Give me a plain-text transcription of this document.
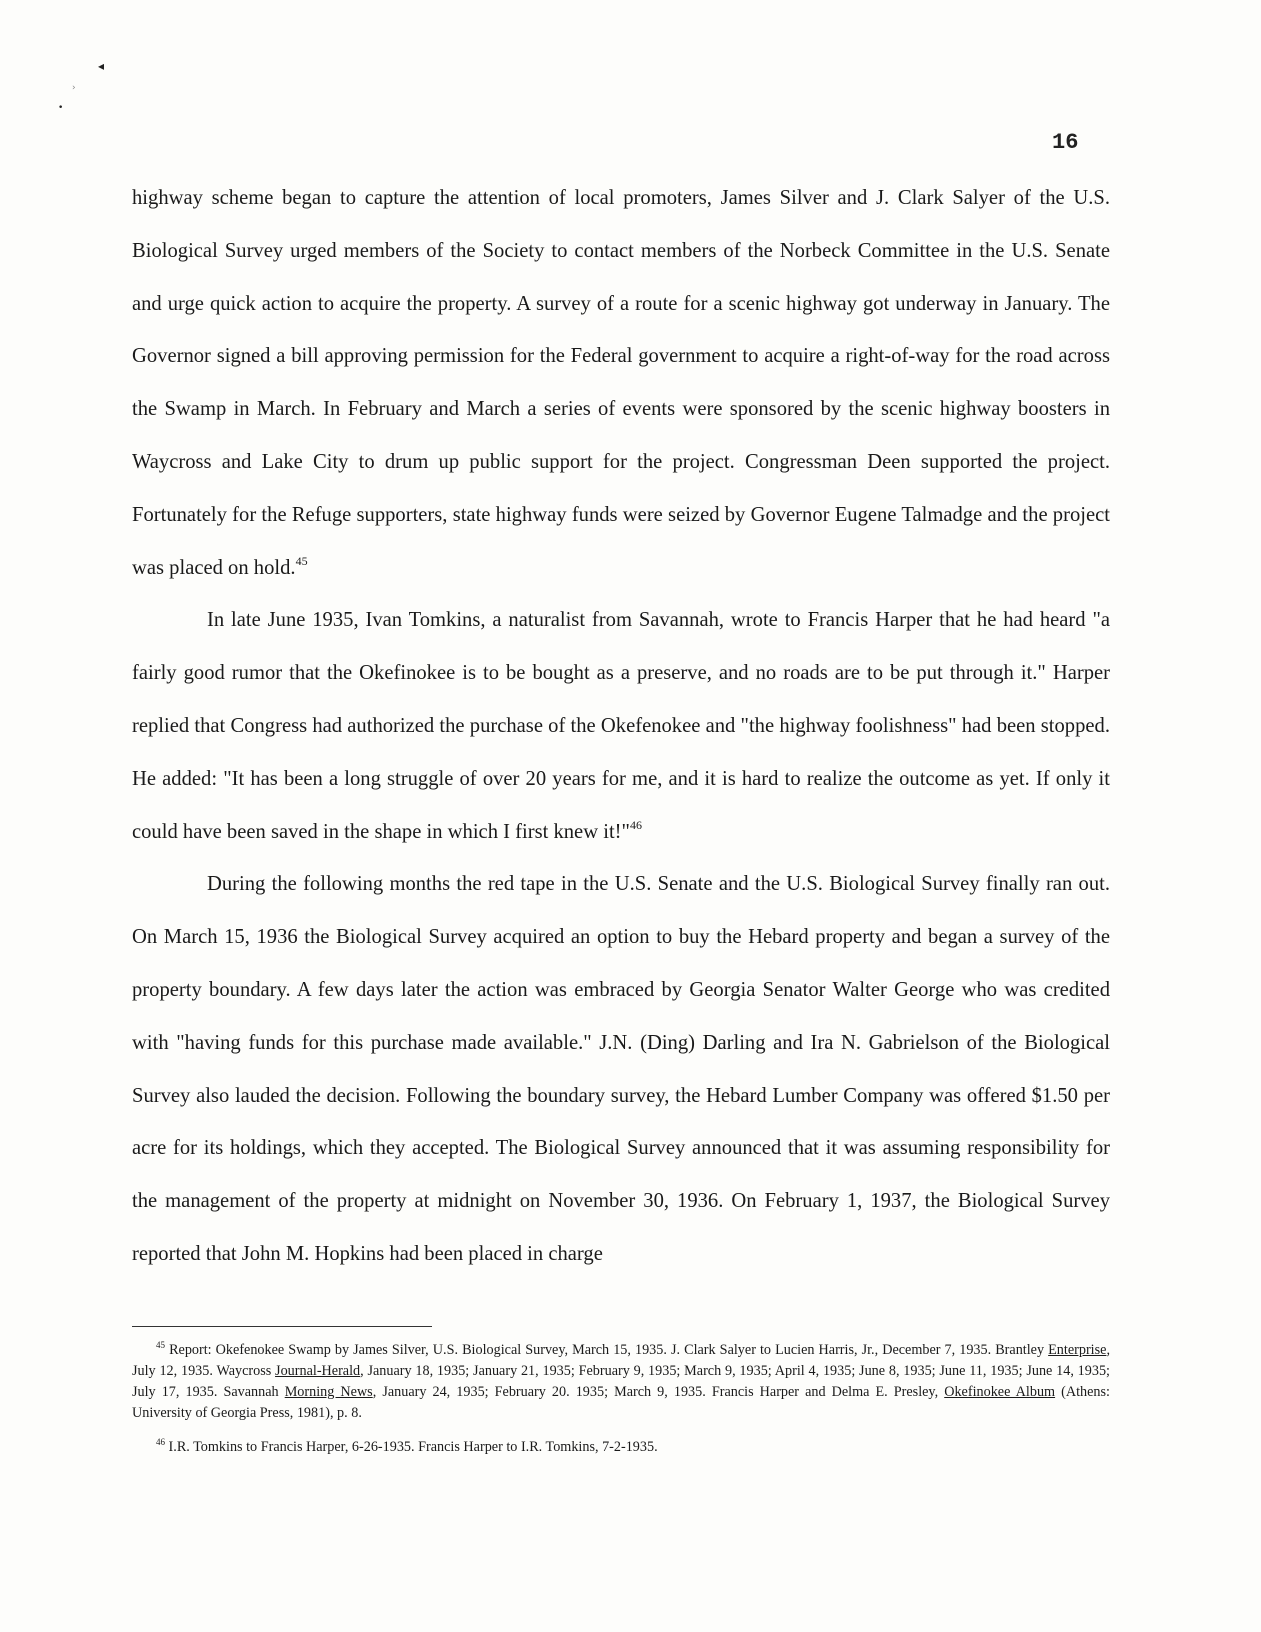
◂
›
•
16

highway scheme began to capture the attention of local promoters, James Silver and J. Clark Salyer of the U.S. Biological Survey urged members of the Society to contact members of the Norbeck Committee in the U.S. Senate and urge quick action to acquire the property. A survey of a route for a scenic highway got underway in January. The Governor signed a bill approving permission for the Federal government to acquire a right-of-way for the road across the Swamp in March. In February and March a series of events were sponsored by the scenic highway boosters in Waycross and Lake City to drum up public support for the project. Congressman Deen supported the project. Fortunately for the Refuge supporters, state highway funds were seized by Governor Eugene Talmadge and the project was placed on hold.$^{45}$

In late June 1935, Ivan Tomkins, a naturalist from Savannah, wrote to Francis Harper that he had heard "a fairly good rumor that the Okefinokee is to be bought as a preserve, and no roads are to be put through it." Harper replied that Congress had authorized the purchase of the Okefenokee and "the highway foolishness" had been stopped. He added: "It has been a long struggle of over 20 years for me, and it is hard to realize the outcome as yet. If only it could have been saved in the shape in which I first knew it!"$^{46}$

During the following months the red tape in the U.S. Senate and the U.S. Biological Survey finally ran out. On March 15, 1936 the Biological Survey acquired an option to buy the Hebard property and began a survey of the property boundary. A few days later the action was embraced by Georgia Senator Walter George who was credited with "having funds for this purchase made available." J.N. (Ding) Darling and Ira N. Gabrielson of the Biological Survey also lauded the decision. Following the boundary survey, the Hebard Lumber Company was offered $1.50 per acre for its holdings, which they accepted. The Biological Survey announced that it was assuming responsibility for the management of the property at midnight on November 30, 1936. On February 1, 1937, the Biological Survey reported that John M. Hopkins had been placed in charge

$^{45}$ Report: Okefenokee Swamp by James Silver, U.S. Biological Survey, March 15, 1935. J. Clark Salyer to Lucien Harris, Jr., December 7, 1935. Brantley Enterprise, July 12, 1935. Waycross Journal-Herald, January 18, 1935; January 21, 1935; February 9, 1935; March 9, 1935; April 4, 1935; June 8, 1935; June 11, 1935; June 14, 1935; July 17, 1935. Savannah Morning News, January 24, 1935; February 20. 1935; March 9, 1935. Francis Harper and Delma E. Presley, Okefinokee Album (Athens: University of Georgia Press, 1981), p. 8.

$^{46}$ I.R. Tomkins to Francis Harper, 6-26-1935. Francis Harper to I.R. Tomkins, 7-2-1935.
